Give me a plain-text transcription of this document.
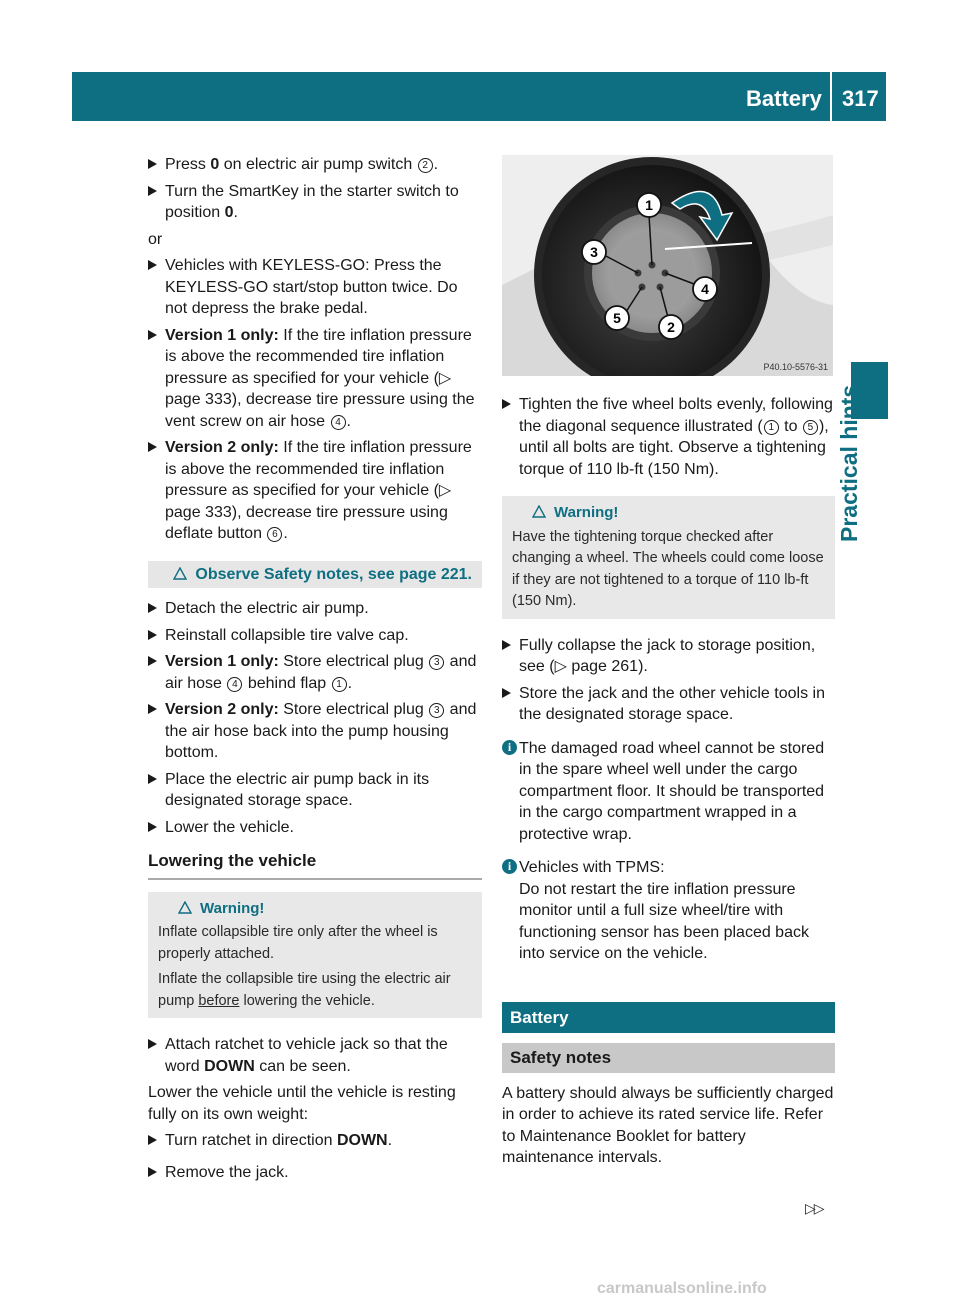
Battery 317
Practical hints
Press 0 on electric air pump switch 2 .
Turn the SmartKey in the starter switch to position 0.
or
Vehicles with KEYLESS-GO: Press the KEYLESS-GO start/stop button twice. Do not depress the brake pedal.
Version 1 only: If the tire inflation pressure is above the recommended tire inflation pressure as specified for your vehicle (▷ page 333), decrease tire pressure using the vent screw on air hose 4 .
Version 2 only: If the tire inflation pressure is above the recommended tire inflation pressure as specified for your vehicle (▷ page 333), decrease tire pressure using deflate button 6 .
Observe Safety notes, see page 221.
Detach the electric air pump.
Reinstall collapsible tire valve cap.
Version 1 only: Store electrical plug 3 and air hose 4 behind flap 1 .
Version 2 only: Store electrical plug 3 and the air hose back into the pump housing bottom.
Place the electric air pump back in its designated storage space.
Lower the vehicle.
Lowering the vehicle
Warning!
Inflate collapsible tire only after the wheel is properly attached.
Inflate the collapsible tire using the electric air pump before lowering the vehicle.
Attach ratchet to vehicle jack so that the word DOWN can be seen.
Lower the vehicle until the vehicle is resting fully on its own weight:
Turn ratchet in direction DOWN.
Remove the jack.
1
3
4
5
2
P40.10-5576-31
Tighten the five wheel bolts evenly, following the diagonal sequence illustrated ( 1 to 5 ), until all bolts are tight. Observe a tightening torque of 110 lb-ft (150 Nm).
Warning!
Have the tightening torque checked after changing a wheel. The wheels could come loose if they are not tightened to a torque of 110 lb-ft (150 Nm).
Fully collapse the jack to storage position, see (▷ page 261).
Store the jack and the other vehicle tools in the designated storage space.
i The damaged road wheel cannot be stored in the spare wheel well under the cargo compartment floor. It should be transported in the cargo compartment wrapped in a protective wrap.
i Vehicles with TPMS:
Do not restart the tire inflation pressure monitor until a full size wheel/tire with functioning sensor has been placed back into service on the vehicle.
Battery
Safety notes
A battery should always be sufficiently charged in order to achieve its rated service life. Refer to Maintenance Booklet for battery maintenance intervals.
▷▷
carmanualsonline.info
